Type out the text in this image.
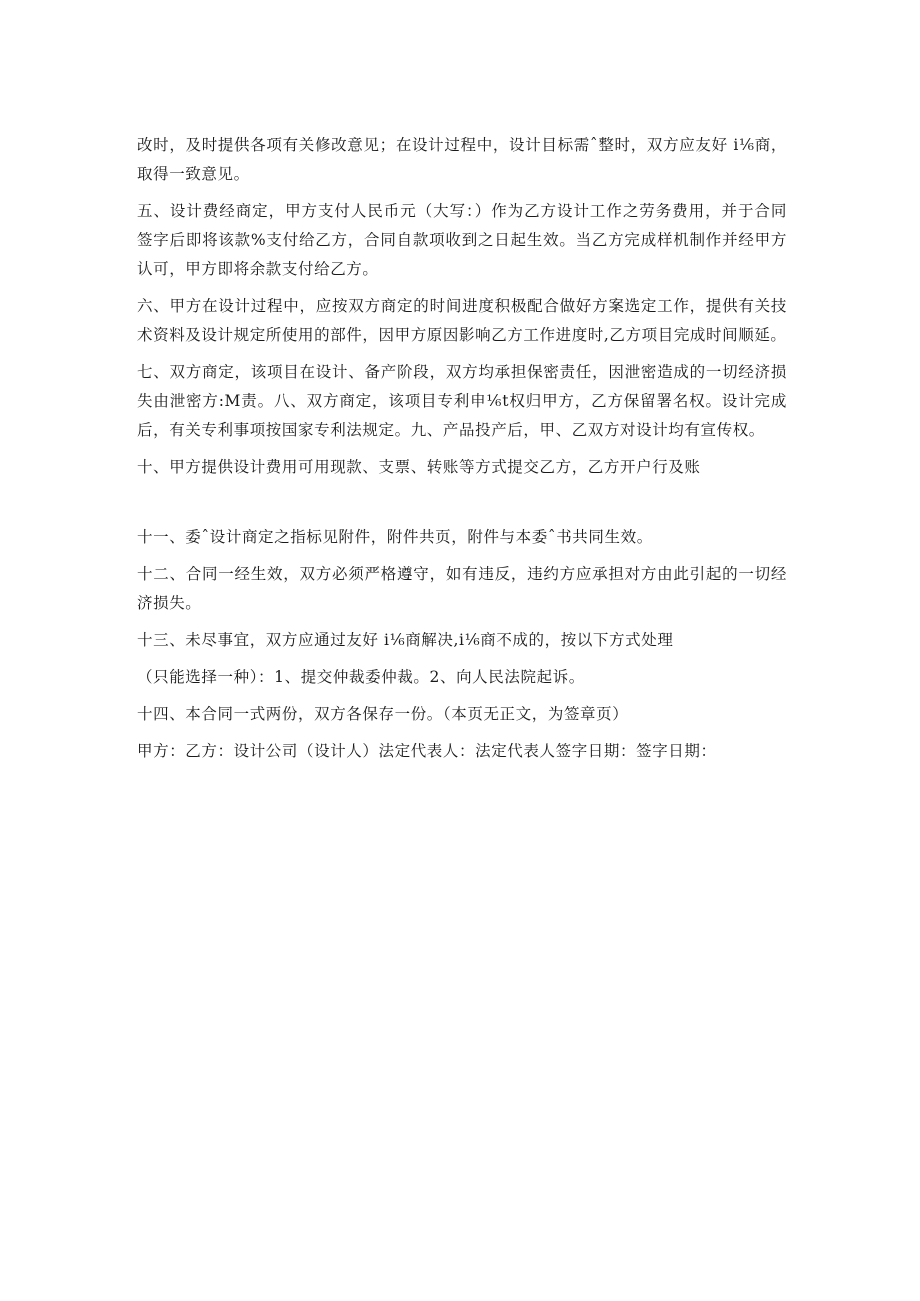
改时，及时提供各项有关修改意见；在设计过程中，设计目标需ˆ整时，双方应友好 i⅙商，取得一致意见。

五、设计费经商定，甲方支付人民币元（大写：）作为乙方设计工作之劳务费用，并于合同签字后即将该款%支付给乙方，合同自款项收到之日起生效。当乙方完成样机制作并经甲方认可，甲方即将余款支付给乙方。

六、甲方在设计过程中，应按双方商定的时间进度积极配合做好方案选定工作，提供有关技术资料及设计规定所使用的部件，因甲方原因影响乙方工作进度时,乙方项目完成时间顺延。

七、双方商定，该项目在设计、备产阶段，双方均承担保密责任，因泄密造成的一切经济损失由泄密方:M责。八、双方商定，该项目专利申⅙t权归甲方，乙方保留署名权。设计完成后，有关专利事项按国家专利法规定。九、产品投产后，甲、乙双方对设计均有宣传权。

十、甲方提供设计费用可用现款、支票、转账等方式提交乙方，乙方开户行及账

十一、委ˆ设计商定之指标见附件，附件共页，附件与本委ˆ书共同生效。

十二、合同一经生效，双方必须严格遵守，如有违反，违约方应承担对方由此引起的一切经济损失。

十三、未尽事宜，双方应通过友好 i⅙商解决,i⅙商不成的，按以下方式处理

（只能选择一种）：1、提交仲裁委仲裁。2、向人民法院起诉。

十四、本合同一式两份，双方各保存一份。（本页无正文，为签章页）

甲方：乙方：设计公司（设计人）法定代表人：法定代表人签字日期：签字日期：
